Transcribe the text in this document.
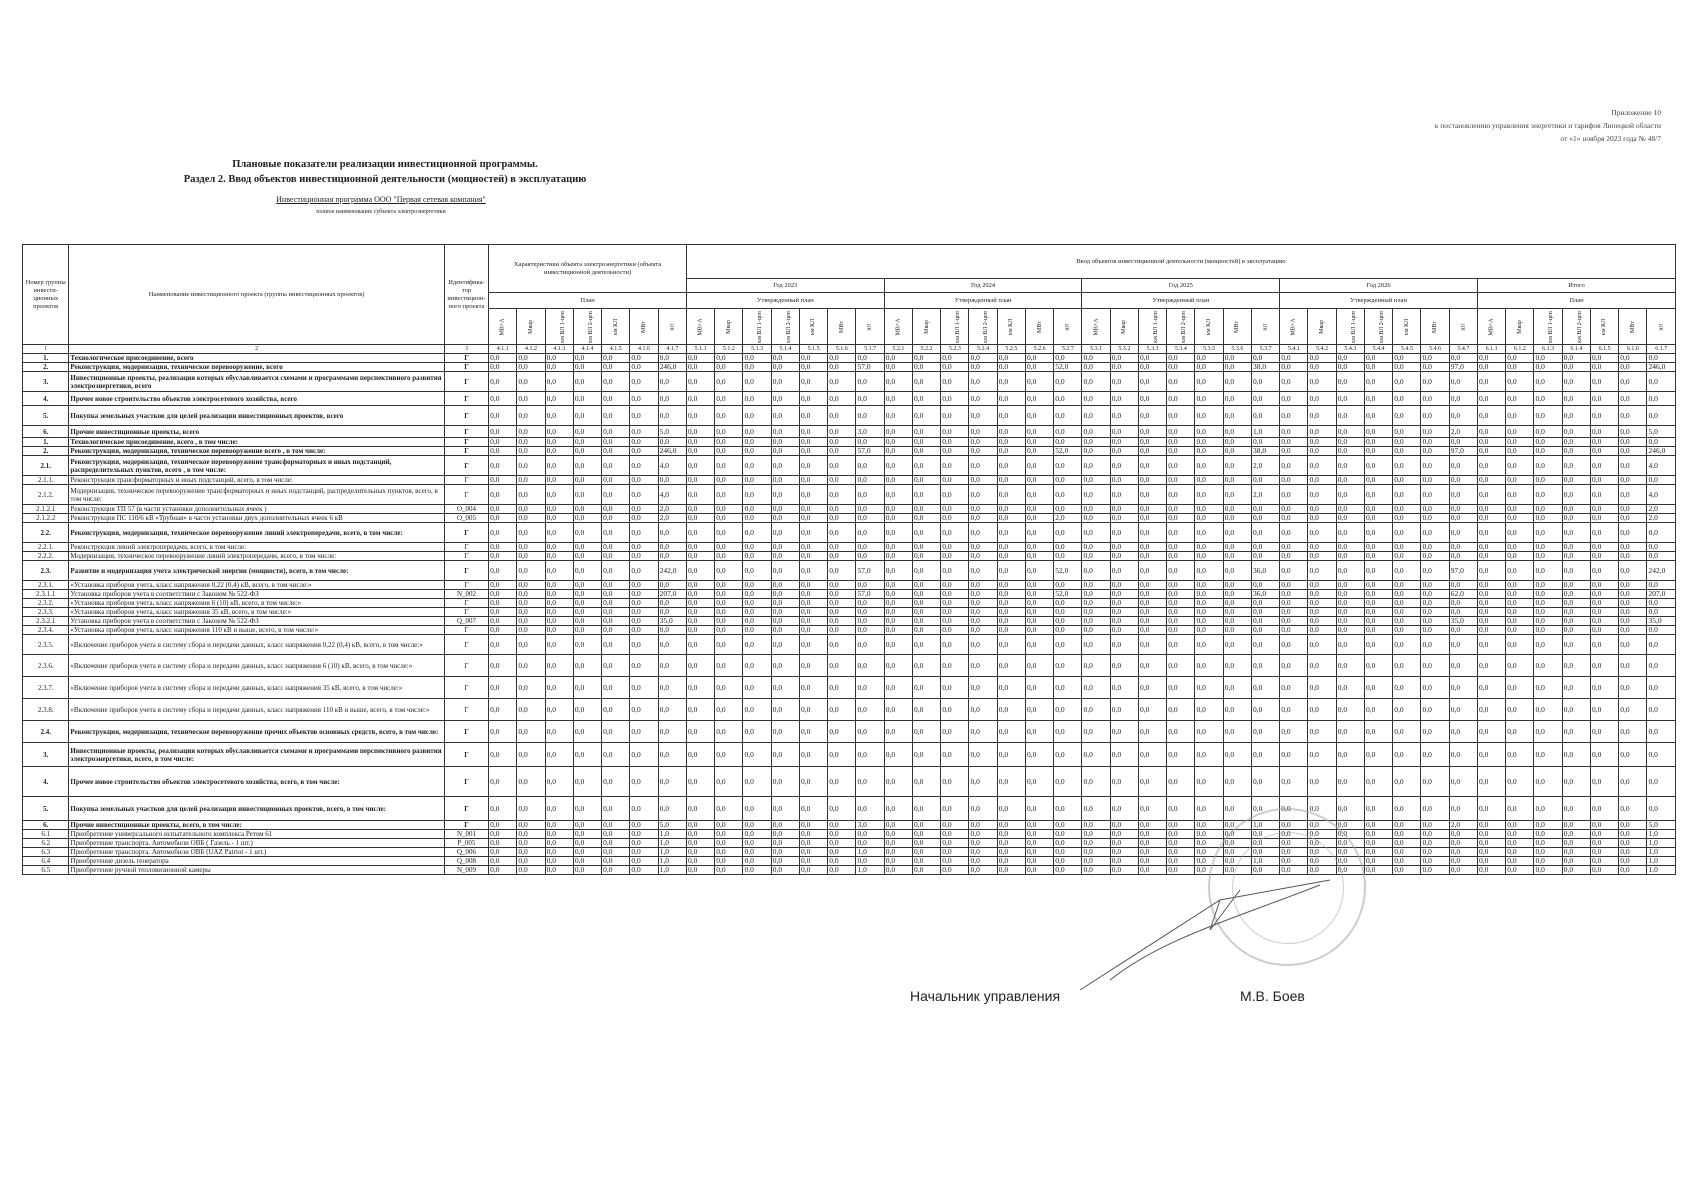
Приложение 10
к постановлению управления энергетики и тарифов Липецкой области
от «1» ноября 2023 года № 48/7
Плановые показатели реализации инвестиционной программы.
Раздел 2. Ввод объектов инвестиционной деятельности (мощностей) в эксплуатацию
Инвестиционная программа ООО "Первая сетевая компания"
полное наименование субъекта электроэнергетики
Номер группы инвести-ционных проектов	Наименование инвестиционного проекта (группы инвестиционных проектов)	Идентифика-тор инвестицион-ного проекта	Характеристики объекта электроэнергетики (объекта инвестиционной деятельности)							Ввод объектов инвестиционной деятельности (мощностей) в эксплуатацию																																		
										Год 2023							Год 2024							Год 2025							Год 2026							Итого						
			План							Утвержденный план							Утвержденный план							Утвержденный план							Утвержденный план							План						
			МВ×А	Мвар	км ВЛ 1-цеп	км ВЛ 2-цеп	км КЛ	МВт	шт	МВ×А	Мвар	км ВЛ 1-цеп	км ВЛ 2-цеп	км КЛ	МВт	шт	МВ×А	Мвар	км ВЛ 1-цеп	км ВЛ 2-цеп	км КЛ	МВт	шт	МВ×А	Мвар	км ВЛ 1-цеп	км ВЛ 2-цеп	км КЛ	МВт	шт	МВ×А	Мвар	км ВЛ 1-цеп	км ВЛ 2-цеп	км КЛ	МВт	шт	МВ×А	Мвар	км ВЛ 1-цеп	км ВЛ 2-цеп	км КЛ	МВт	шт
1	2	3	4.1.1	4.1.2	4.1.3	4.1.4	4.1.5	4.1.6	4.1.7	5.1.1	5.1.2	5.1.3	5.1.4	5.1.5	5.1.6	5.1.7	5.2.1	5.2.2	5.2.3	5.2.4	5.2.5	5.2.6	5.2.7	5.3.1	5.3.2	5.3.3	5.3.4	5.3.5	5.3.6	5.3.7	5.4.1	5.4.2	5.4.3	5.4.4	5.4.5	5.4.6	5.4.7	6.1.1	6.1.2	6.1.3	6.1.4	6.1.5	6.1.6	6.1.7
1.	Технологическое присоединение, всего	Г	0,0	0,0	0,0	0,0	0,0	0,0	0,0	0,0	0,0	0,0	0,0	0,0	0,0	0,0	0,0	0,0	0,0	0,0	0,0	0,0	0,0	0,0	0,0	0,0	0,0	0,0	0,0	0,0	0,0	0,0	0,0	0,0	0,0	0,0	0,0	0,0	0,0	0,0	0,0	0,0	0,0	0,0
2.	Реконструкция, модернизация, техническое перевооружение, всего	Г	0,0	0,0	0,0	0,0	0,0	0,0	246,0	0,0	0,0	0,0	0,0	0,0	0,0	57,0	0,0	0,0	0,0	0,0	0,0	0,0	52,0	0,0	0,0	0,0	0,0	0,0	0,0	38,0	0,0	0,0	0,0	0,0	0,0	0,0	97,0	0,0	0,0	0,0	0,0	0,0	0,0	246,0
3.	Инвестиционные проекты, реализация которых обуславливается схемами и программами перспективного развития электроэнергетики, всего	Г	0,0	0,0	0,0	0,0	0,0	0,0	0,0	0,0	0,0	0,0	0,0	0,0	0,0	0,0	0,0	0,0	0,0	0,0	0,0	0,0	0,0	0,0	0,0	0,0	0,0	0,0	0,0	0,0	0,0	0,0	0,0	0,0	0,0	0,0	0,0	0,0	0,0	0,0	0,0	0,0	0,0	0,0
4.	Прочее новое строительство объектов электросетевого хозяйства, всего	Г	0,0	0,0	0,0	0,0	0,0	0,0	0,0	0,0	0,0	0,0	0,0	0,0	0,0	0,0	0,0	0,0	0,0	0,0	0,0	0,0	0,0	0,0	0,0	0,0	0,0	0,0	0,0	0,0	0,0	0,0	0,0	0,0	0,0	0,0	0,0	0,0	0,0	0,0	0,0	0,0	0,0	0,0
5.	Покупка земельных участков для целей реализации инвестиционных проектов, всего	Г	0,0	0,0	0,0	0,0	0,0	0,0	0,0	0,0	0,0	0,0	0,0	0,0	0,0	0,0	0,0	0,0	0,0	0,0	0,0	0,0	0,0	0,0	0,0	0,0	0,0	0,0	0,0	0,0	0,0	0,0	0,0	0,0	0,0	0,0	0,0	0,0	0,0	0,0	0,0	0,0	0,0	0,0
6.	Прочие инвестиционные проекты, всего	Г	0,0	0,0	0,0	0,0	0,0	0,0	5,0	0,0	0,0	0,0	0,0	0,0	0,0	3,0	0,0	0,0	0,0	0,0	0,0	0,0	0,0	0,0	0,0	0,0	0,0	0,0	0,0	1,0	0,0	0,0	0,0	0,0	0,0	0,0	2,0	0,0	0,0	0,0	0,0	0,0	0,0	5,0
1.	Технологическое присоединение, всего , в том числе:	Г	0,0	0,0	0,0	0,0	0,0	0,0	0,0	0,0	0,0	0,0	0,0	0,0	0,0	0,0	0,0	0,0	0,0	0,0	0,0	0,0	0,0	0,0	0,0	0,0	0,0	0,0	0,0	0,0	0,0	0,0	0,0	0,0	0,0	0,0	0,0	0,0	0,0	0,0	0,0	0,0	0,0	0,0
2.	Реконструкция, модернизация, техническое перевооружение всего , в том числе:	Г	0,0	0,0	0,0	0,0	0,0	0,0	246,0	0,0	0,0	0,0	0,0	0,0	0,0	57,0	0,0	0,0	0,0	0,0	0,0	0,0	52,0	0,0	0,0	0,0	0,0	0,0	0,0	38,0	0,0	0,0	0,0	0,0	0,0	0,0	97,0	0,0	0,0	0,0	0,0	0,0	0,0	246,0
2.1.	Реконструкция, модернизация, техническое перевооружение трансформаторных и иных подстанций, распределительных пунктов, всего , в том числе:	Г	0,0	0,0	0,0	0,0	0,0	0,0	4,0	0,0	0,0	0,0	0,0	0,0	0,0	0,0	0,0	0,0	0,0	0,0	0,0	0,0	0,0	0,0	0,0	0,0	0,0	0,0	0,0	2,0	0,0	0,0	0,0	0,0	0,0	0,0	0,0	0,0	0,0	0,0	0,0	0,0	0,0	4,0
2.1.1.	Реконструкция трансформаторных и иных подстанций, всего, в том числе:	Г	0,0	0,0	0,0	0,0	0,0	0,0	0,0	0,0	0,0	0,0	0,0	0,0	0,0	0,0	0,0	0,0	0,0	0,0	0,0	0,0	0,0	0,0	0,0	0,0	0,0	0,0	0,0	0,0	0,0	0,0	0,0	0,0	0,0	0,0	0,0	0,0	0,0	0,0	0,0	0,0	0,0	0,0
2.1.2.	Модернизация, техническое перевооружение трансформаторных и иных подстанций, распределительных пунктов, всего, в том числе:	Г	0,0	0,0	0,0	0,0	0,0	0,0	4,0	0,0	0,0	0,0	0,0	0,0	0,0	0,0	0,0	0,0	0,0	0,0	0,0	0,0	0,0	0,0	0,0	0,0	0,0	0,0	0,0	2,0	0,0	0,0	0,0	0,0	0,0	0,0	0,0	0,0	0,0	0,0	0,0	0,0	0,0	4,0
2.1.2.1	Реконструкция ТП 57 (в части установки дополнительных ячеек )	О_004	0,0	0,0	0,0	0,0	0,0	0,0	2,0	0,0	0,0	0,0	0,0	0,0	0,0	0,0	0,0	0,0	0,0	0,0	0,0	0,0	0,0	0,0	0,0	0,0	0,0	0,0	0,0	0,0	0,0	0,0	0,0	0,0	0,0	0,0	0,0	0,0	0,0	0,0	0,0	0,0	0,0	2,0
2.1.2.2	Реконструкция ПС 110/6 кВ «Трубная» в части установки двух дополнительных ячеек 6 кВ	О_005	0,0	0,0	0,0	0,0	0,0	0,0	2,0	0,0	0,0	0,0	0,0	0,0	0,0	0,0	0,0	0,0	0,0	0,0	0,0	0,0	2,0	0,0	0,0	0,0	0,0	0,0	0,0	0,0	0,0	0,0	0,0	0,0	0,0	0,0	0,0	0,0	0,0	0,0	0,0	0,0	0,0	2,0
2.2.	Реконструкция, модернизация, техническое перевооружение линий электропередачи, всего, в том числе:	Г	0,0	0,0	0,0	0,0	0,0	0,0	0,0	0,0	0,0	0,0	0,0	0,0	0,0	0,0	0,0	0,0	0,0	0,0	0,0	0,0	0,0	0,0	0,0	0,0	0,0	0,0	0,0	0,0	0,0	0,0	0,0	0,0	0,0	0,0	0,0	0,0	0,0	0,0	0,0	0,0	0,0	0,0
2.2.1.	Реконструкция линий электропередачи, всего, в том числе:	Г	0,0	0,0	0,0	0,0	0,0	0,0	0,0	0,0	0,0	0,0	0,0	0,0	0,0	0,0	0,0	0,0	0,0	0,0	0,0	0,0	0,0	0,0	0,0	0,0	0,0	0,0	0,0	0,0	0,0	0,0	0,0	0,0	0,0	0,0	0,0	0,0	0,0	0,0	0,0	0,0	0,0	0,0
2.2.2.	Модернизация, техническое перевооружение линий электропередачи, всего, в том числе:	Г	0,0	0,0	0,0	0,0	0,0	0,0	0,0	0,0	0,0	0,0	0,0	0,0	0,0	0,0	0,0	0,0	0,0	0,0	0,0	0,0	0,0	0,0	0,0	0,0	0,0	0,0	0,0	0,0	0,0	0,0	0,0	0,0	0,0	0,0	0,0	0,0	0,0	0,0	0,0	0,0	0,0	0,0
2.3.	Развитие и модернизация учета электрической энергии (мощности), всего, в том числе:	Г	0,0	0,0	0,0	0,0	0,0	0,0	242,0	0,0	0,0	0,0	0,0	0,0	0,0	57,0	0,0	0,0	0,0	0,0	0,0	0,0	52,0	0,0	0,0	0,0	0,0	0,0	0,0	36,0	0,0	0,0	0,0	0,0	0,0	0,0	97,0	0,0	0,0	0,0	0,0	0,0	0,0	242,0
2.3.1.	«Установка приборов учета, класс напряжения 0,22 (0,4) кВ, всего, в том числе:»	Г	0,0	0,0	0,0	0,0	0,0	0,0	0,0	0,0	0,0	0,0	0,0	0,0	0,0	0,0	0,0	0,0	0,0	0,0	0,0	0,0	0,0	0,0	0,0	0,0	0,0	0,0	0,0	0,0	0,0	0,0	0,0	0,0	0,0	0,0	0,0	0,0	0,0	0,0	0,0	0,0	0,0	0,0
2.3.1.1	Установка приборов учета в соответствии с Законом № 522-ФЗ	N_002	0,0	0,0	0,0	0,0	0,0	0,0	207,0	0,0	0,0	0,0	0,0	0,0	0,0	57,0	0,0	0,0	0,0	0,0	0,0	0,0	52,0	0,0	0,0	0,0	0,0	0,0	0,0	36,0	0,0	0,0	0,0	0,0	0,0	0,0	62,0	0,0	0,0	0,0	0,0	0,0	0,0	207,0
2.3.2.	«Установка приборов учета, класс напряжения 6 (10) кВ, всего, в том числе:»	Г	0,0	0,0	0,0	0,0	0,0	0,0	0,0	0,0	0,0	0,0	0,0	0,0	0,0	0,0	0,0	0,0	0,0	0,0	0,0	0,0	0,0	0,0	0,0	0,0	0,0	0,0	0,0	0,0	0,0	0,0	0,0	0,0	0,0	0,0	0,0	0,0	0,0	0,0	0,0	0,0	0,0	0,0
2.3.3.	«Установка приборов учета, класс напряжения 35 кВ, всего, в том числе:»	Г	0,0	0,0	0,0	0,0	0,0	0,0	0,0	0,0	0,0	0,0	0,0	0,0	0,0	0,0	0,0	0,0	0,0	0,0	0,0	0,0	0,0	0,0	0,0	0,0	0,0	0,0	0,0	0,0	0,0	0,0	0,0	0,0	0,0	0,0	0,0	0,0	0,0	0,0	0,0	0,0	0,0	0,0
2.3.2.1	Установка приборов учета в соответствии с Законом № 522-ФЗ	Q_007	0,0	0,0	0,0	0,0	0,0	0,0	35,0	0,0	0,0	0,0	0,0	0,0	0,0	0,0	0,0	0,0	0,0	0,0	0,0	0,0	0,0	0,0	0,0	0,0	0,0	0,0	0,0	0,0	0,0	0,0	0,0	0,0	0,0	0,0	35,0	0,0	0,0	0,0	0,0	0,0	0,0	35,0
2.3.4.	«Установка приборов учета, класс напряжения 110 кВ и выше, всего, в том числе:»	Г	0,0	0,0	0,0	0,0	0,0	0,0	0,0	0,0	0,0	0,0	0,0	0,0	0,0	0,0	0,0	0,0	0,0	0,0	0,0	0,0	0,0	0,0	0,0	0,0	0,0	0,0	0,0	0,0	0,0	0,0	0,0	0,0	0,0	0,0	0,0	0,0	0,0	0,0	0,0	0,0	0,0	0,0
2.3.5.	«Включение приборов учета в систему сбора и передачи данных, класс напряжения 0,22 (0,4) кВ, всего, в том числе:»	Г	0,0	0,0	0,0	0,0	0,0	0,0	0,0	0,0	0,0	0,0	0,0	0,0	0,0	0,0	0,0	0,0	0,0	0,0	0,0	0,0	0,0	0,0	0,0	0,0	0,0	0,0	0,0	0,0	0,0	0,0	0,0	0,0	0,0	0,0	0,0	0,0	0,0	0,0	0,0	0,0	0,0	0,0
2.3.6.	«Включение приборов учета в систему сбора и передачи данных, класс напряжения 6 (10) кВ, всего, в том числе:»	Г	0,0	0,0	0,0	0,0	0,0	0,0	0,0	0,0	0,0	0,0	0,0	0,0	0,0	0,0	0,0	0,0	0,0	0,0	0,0	0,0	0,0	0,0	0,0	0,0	0,0	0,0	0,0	0,0	0,0	0,0	0,0	0,0	0,0	0,0	0,0	0,0	0,0	0,0	0,0	0,0	0,0	0,0
2.3.7.	«Включение приборов учета в систему сбора и передачи данных, класс напряжения 35 кВ, всего, в том числе:»	Г	0,0	0,0	0,0	0,0	0,0	0,0	0,0	0,0	0,0	0,0	0,0	0,0	0,0	0,0	0,0	0,0	0,0	0,0	0,0	0,0	0,0	0,0	0,0	0,0	0,0	0,0	0,0	0,0	0,0	0,0	0,0	0,0	0,0	0,0	0,0	0,0	0,0	0,0	0,0	0,0	0,0	0,0
2.3.8.	«Включение приборов учета в систему сбора и передачи данных, класс напряжения 110 кВ и выше, всего, в том числе:»	Г	0,0	0,0	0,0	0,0	0,0	0,0	0,0	0,0	0,0	0,0	0,0	0,0	0,0	0,0	0,0	0,0	0,0	0,0	0,0	0,0	0,0	0,0	0,0	0,0	0,0	0,0	0,0	0,0	0,0	0,0	0,0	0,0	0,0	0,0	0,0	0,0	0,0	0,0	0,0	0,0	0,0	0,0
2.4.	Реконструкция, модернизация, техническое перевооружение прочих объектов основных средств, всего, в том числе:	Г	0,0	0,0	0,0	0,0	0,0	0,0	0,0	0,0	0,0	0,0	0,0	0,0	0,0	0,0	0,0	0,0	0,0	0,0	0,0	0,0	0,0	0,0	0,0	0,0	0,0	0,0	0,0	0,0	0,0	0,0	0,0	0,0	0,0	0,0	0,0	0,0	0,0	0,0	0,0	0,0	0,0	0,0
3.	Инвестиционные проекты, реализация которых обуславливается схемами и программами перспективного развития электроэнергетики, всего, в том числе:	Г	0,0	0,0	0,0	0,0	0,0	0,0	0,0	0,0	0,0	0,0	0,0	0,0	0,0	0,0	0,0	0,0	0,0	0,0	0,0	0,0	0,0	0,0	0,0	0,0	0,0	0,0	0,0	0,0	0,0	0,0	0,0	0,0	0,0	0,0	0,0	0,0	0,0	0,0	0,0	0,0	0,0	0,0
4.	Прочее новое строительство объектов электросетевого хозяйства, всего, в том числе:	Г	0,0	0,0	0,0	0,0	0,0	0,0	0,0	0,0	0,0	0,0	0,0	0,0	0,0	0,0	0,0	0,0	0,0	0,0	0,0	0,0	0,0	0,0	0,0	0,0	0,0	0,0	0,0	0,0	0,0	0,0	0,0	0,0	0,0	0,0	0,0	0,0	0,0	0,0	0,0	0,0	0,0	0,0
5.	Покупка земельных участков для целей реализации инвестиционных проектов, всего, в том числе:	Г	0,0	0,0	0,0	0,0	0,0	0,0	0,0	0,0	0,0	0,0	0,0	0,0	0,0	0,0	0,0	0,0	0,0	0,0	0,0	0,0	0,0	0,0	0,0	0,0	0,0	0,0	0,0	0,0	0,0	0,0	0,0	0,0	0,0	0,0	0,0	0,0	0,0	0,0	0,0	0,0	0,0	0,0
6.	Прочие инвестиционные проекты, всего, в том числе:	Г	0,0	0,0	0,0	0,0	0,0	0,0	5,0	0,0	0,0	0,0	0,0	0,0	0,0	3,0	0,0	0,0	0,0	0,0	0,0	0,0	0,0	0,0	0,0	0,0	0,0	0,0	0,0	1,0	0,0	0,0	0,0	0,0	0,0	0,0	2,0	0,0	0,0	0,0	0,0	0,0	0,0	5,0
6.1	Приобретение универсального испытательного комплекса Ретом 61	N_001	0,0	0,0	0,0	0,0	0,0	0,0	1,0	0,0	0,0	0,0	0,0	0,0	0,0	0,0	0,0	0,0	0,0	0,0	0,0	0,0	0,0	0,0	0,0	0,0	0,0	0,0	0,0	0,0	0,0	0,0	0,0	0,0	0,0	0,0	0,0	0,0	0,0	0,0	0,0	0,0	0,0	1,0
6.2	Приобретение транспорта. Автомобили ОВБ ( Газель - 1 шт.)	Р_005	0,0	0,0	0,0	0,0	0,0	0,0	1,0	0,0	0,0	0,0	0,0	0,0	0,0	0,0	0,0	0,0	0,0	0,0	0,0	0,0	0,0	0,0	0,0	0,0	0,0	0,0	0,0	0,0	0,0	0,0	0,0	0,0	0,0	0,0	0,0	0,0	0,0	0,0	0,0	0,0	0,0	1,0
6.3	Приобретение транспорта. Автомобили ОВБ (UAZ Patriot - 1 шт.)	Q_006	0,0	0,0	0,0	0,0	0,0	0,0	1,0	0,0	0,0	0,0	0,0	0,0	0,0	1,0	0,0	0,0	0,0	0,0	0,0	0,0	0,0	0,0	0,0	0,0	0,0	0,0	0,0	0,0	0,0	0,0	0,0	0,0	0,0	0,0	0,0	0,0	0,0	0,0	0,0	0,0	0,0	1,0
6.4	Приобретение дизель генератора	Q_008	0,0	0,0	0,0	0,0	0,0	0,0	1,0	0,0	0,0	0,0	0,0	0,0	0,0	0,0	0,0	0,0	0,0	0,0	0,0	0,0	0,0	0,0	0,0	0,0	0,0	0,0	0,0	1,0	0,0	0,0	0,0	0,0	0,0	0,0	0,0	0,0	0,0	0,0	0,0	0,0	0,0	1,0
6.5	Приобретение ручной тепловизионной камеры	N_009	0,0	0,0	0,0	0,0	0,0	0,0	1,0	0,0	0,0	0,0	0,0	0,0	0,0	1,0	0,0	0,0	0,0	0,0	0,0	0,0	0,0	0,0	0,0	0,0	0,0	0,0	0,0	0,0	0,0	0,0	0,0	0,0	0,0	0,0	0,0	0,0	0,0	0,0	0,0	0,0	0,0	1,0
Начальник управления	М.В. Боев
